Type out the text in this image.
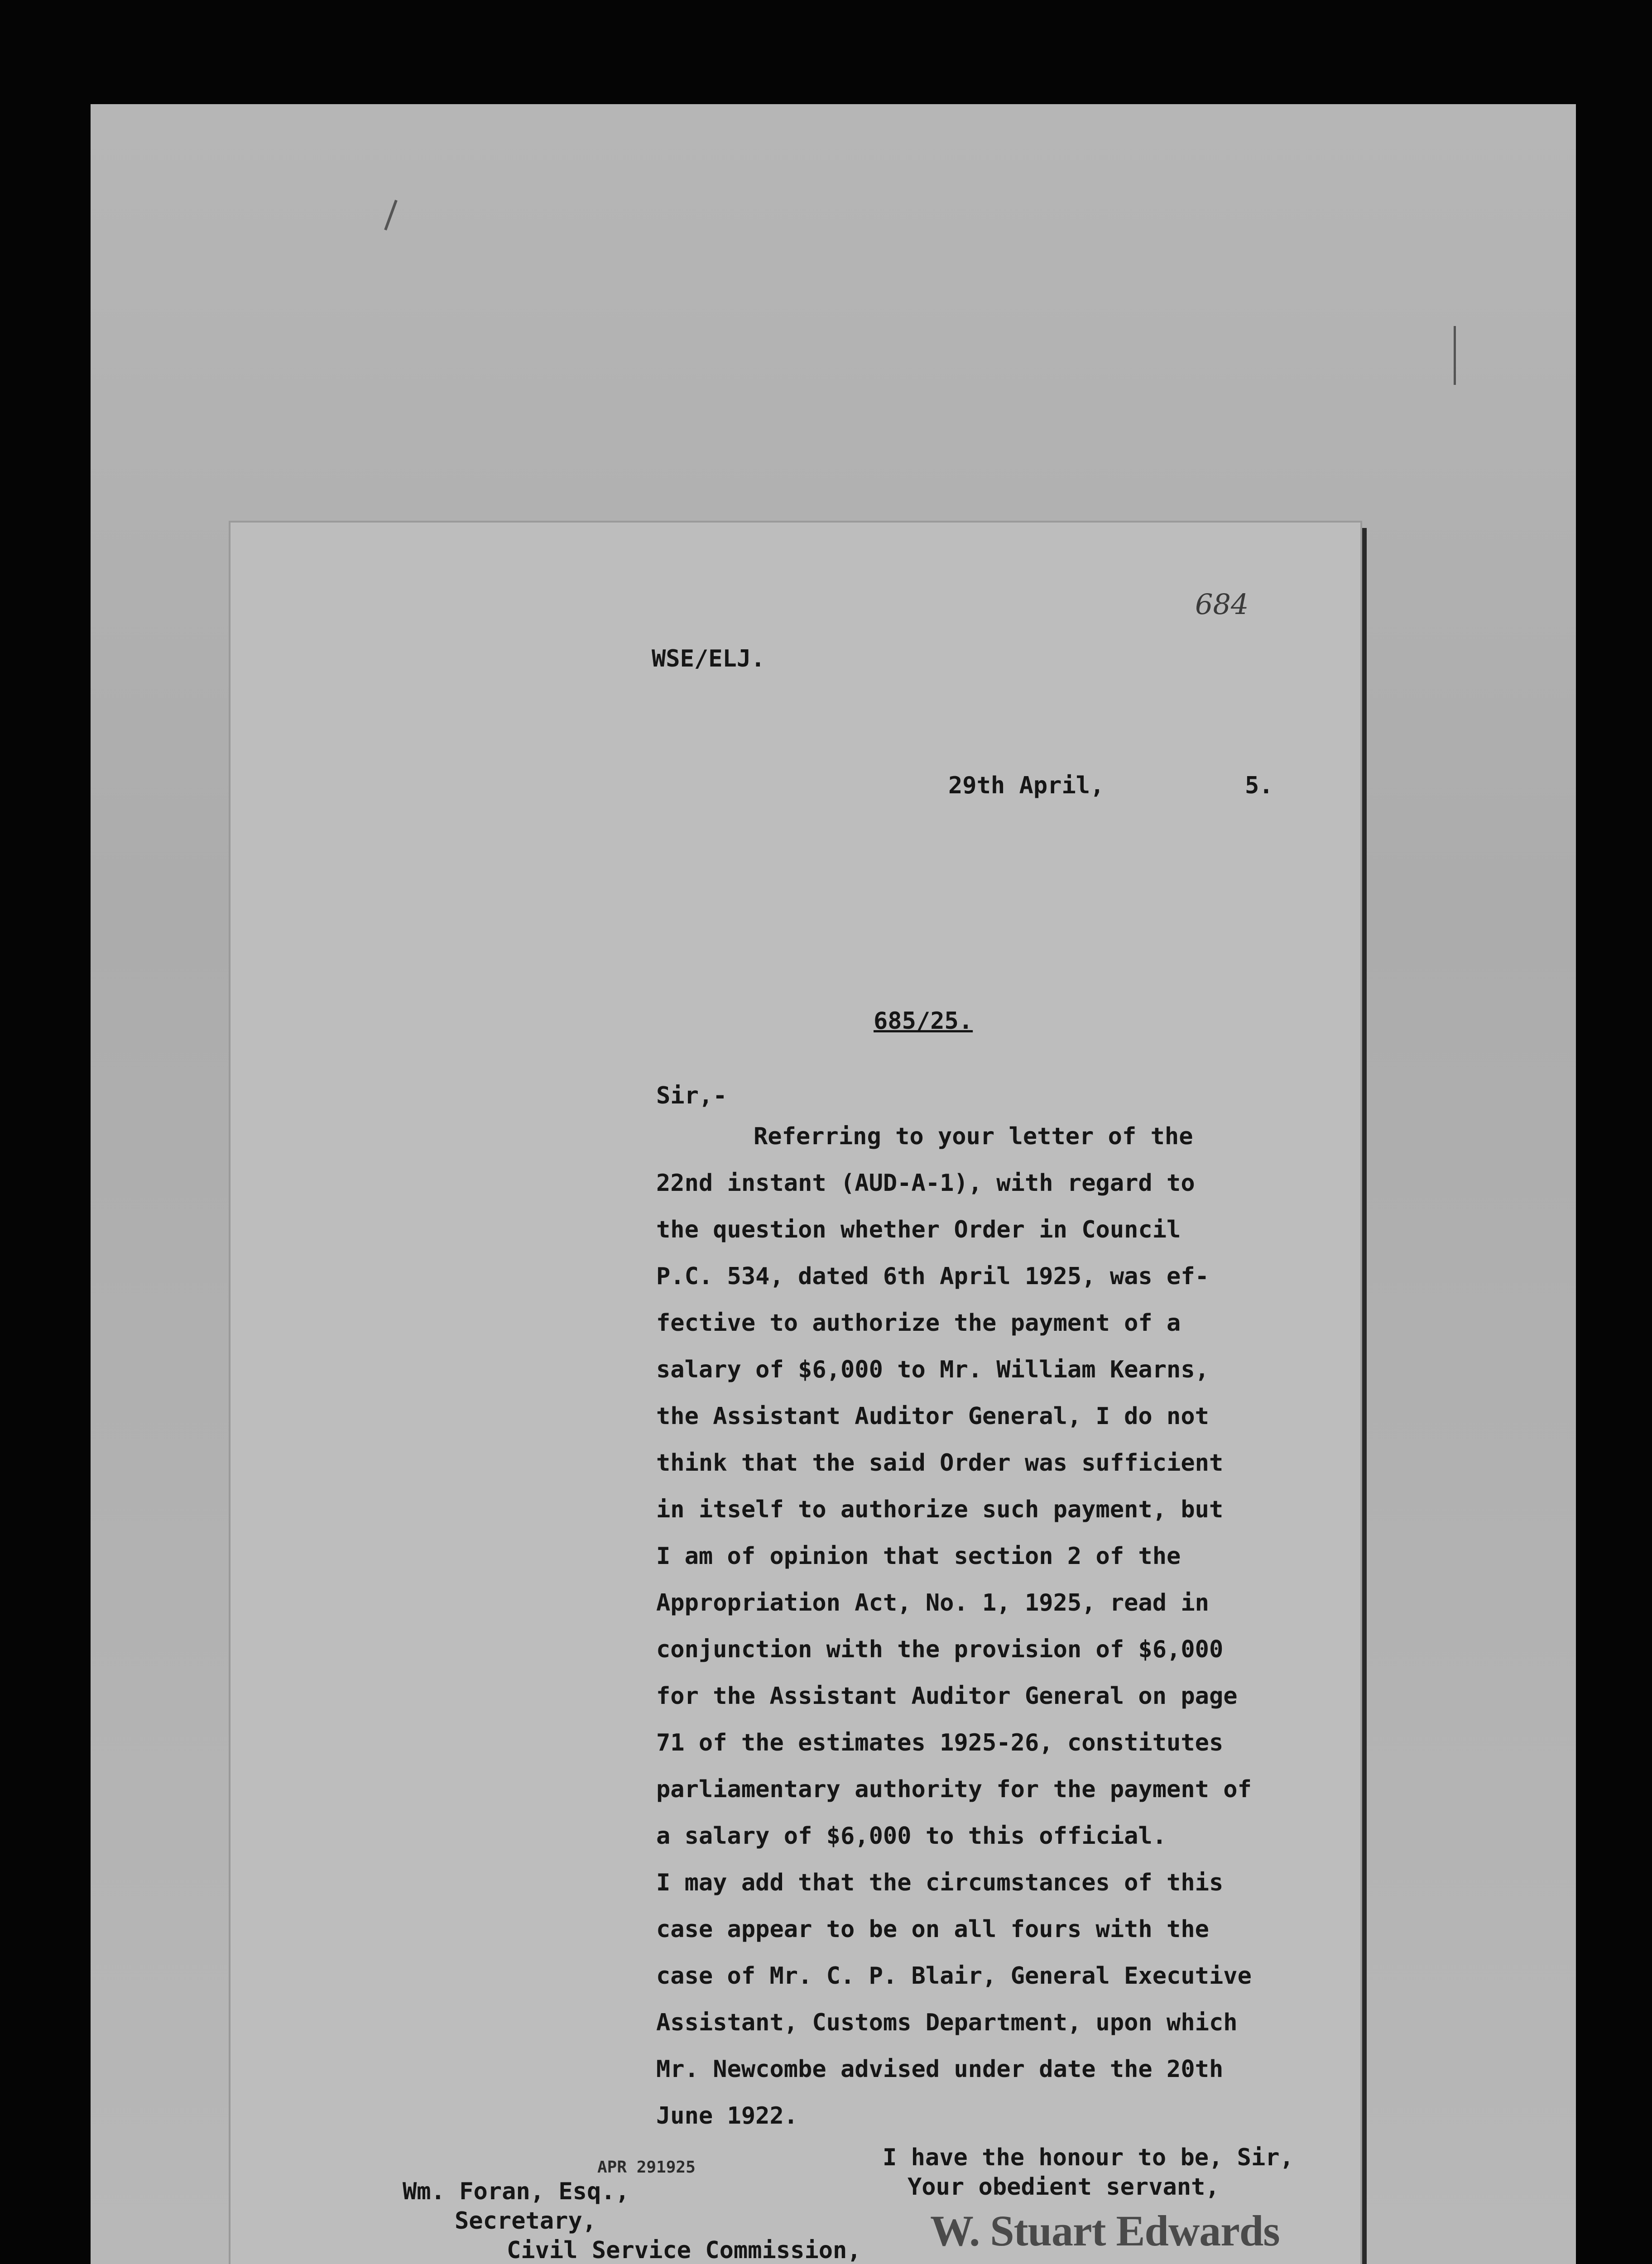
684
WSE/ELJ.
29th April,	5.
685/25.
Sir,-
Referring to your letter of the
22nd instant (AUD-A-1), with regard to
the question whether Order in Council
P.C. 534, dated 6th April 1925, was ef-
fective to authorize the payment of a
salary of $6,000 to Mr. William Kearns,
the Assistant Auditor General, I do not
think that the said Order was sufficient
in itself to authorize such payment, but
I am of opinion that section 2 of the
Appropriation Act, No. 1, 1925, read in
conjunction with the provision of $6,000
for the Assistant Auditor General on page
71 of the estimates 1925-26, constitutes
parliamentary authority for the payment of
a salary of $6,000 to this official.
I may add that the circumstances of this
case appear to be on all fours with the
case of Mr. C. P. Blair, General Executive
Assistant, Customs Department, upon which
Mr. Newcombe advised under date the 20th
June 1922.
I have the honour to be, Sir,
Your obedient servant,
W. Stuart Edwards
Wm. Foran, Esq.,
APR 291925
Secretary,
Civil Service Commission,
